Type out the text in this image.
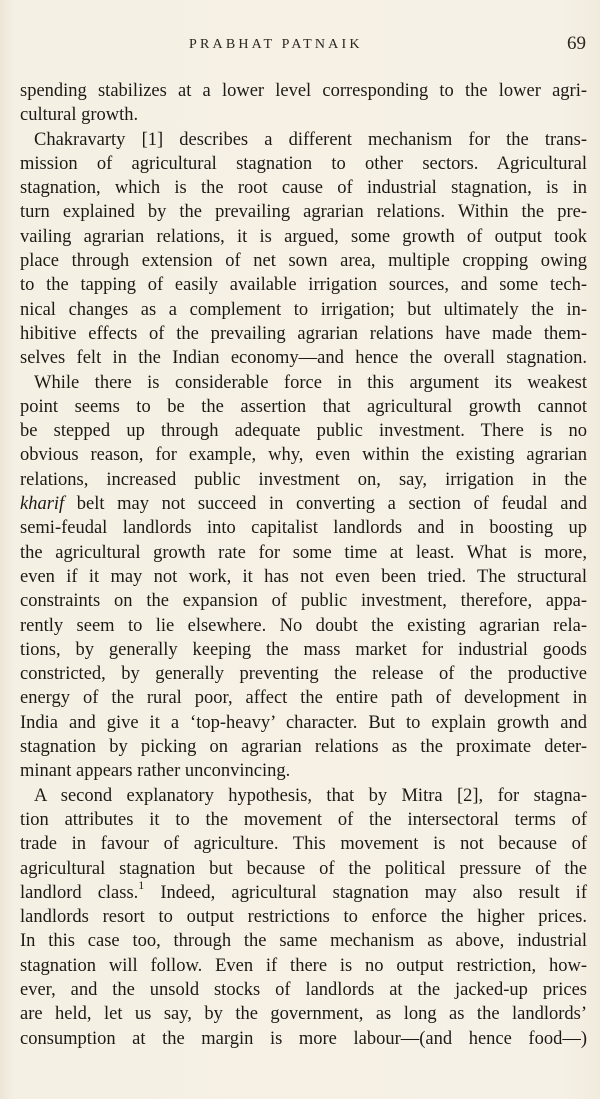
PRABHAT PATNAIK	69
spending stabilizes at a lower level corresponding to the lower agri-
cultural growth.
Chakravarty [1] describes a different mechanism for the trans-
mission of agricultural stagnation to other sectors. Agricultural
stagnation, which is the root cause of industrial stagnation, is in
turn explained by the prevailing agrarian relations. Within the pre-
vailing agrarian relations, it is argued, some growth of output took
place through extension of net sown area, multiple cropping owing
to the tapping of easily available irrigation sources, and some tech-
nical changes as a complement to irrigation; but ultimately the in-
hibitive effects of the prevailing agrarian relations have made them-
selves felt in the Indian economy—and hence the overall stagnation.
While there is considerable force in this argument its weakest
point seems to be the assertion that agricultural growth cannot
be stepped up through adequate public investment. There is no
obvious reason, for example, why, even within the existing agrarian
relations, increased public investment on, say, irrigation in the
kharif belt may not succeed in converting a section of feudal and
semi-feudal landlords into capitalist landlords and in boosting up
the agricultural growth rate for some time at least. What is more,
even if it may not work, it has not even been tried. The structural
constraints on the expansion of public investment, therefore, appa-
rently seem to lie elsewhere. No doubt the existing agrarian rela-
tions, by generally keeping the mass market for industrial goods
constricted, by generally preventing the release of the productive
energy of the rural poor, affect the entire path of development in
India and give it a ‘top-heavy’ character. But to explain growth and
stagnation by picking on agrarian relations as the proximate deter-
minant appears rather unconvincing.
A second explanatory hypothesis, that by Mitra [2], for stagna-
tion attributes it to the movement of the intersectoral terms of
trade in favour of agriculture. This movement is not because of
agricultural stagnation but because of the political pressure of the
landlord class.$^1$ Indeed, agricultural stagnation may also result if
landlords resort to output restrictions to enforce the higher prices.
In this case too, through the same mechanism as above, industrial
stagnation will follow. Even if there is no output restriction, how-
ever, and the unsold stocks of landlords at the jacked-up prices
are held, let us say, by the government, as long as the landlords’
consumption at the margin is more labour—(and hence food—)
